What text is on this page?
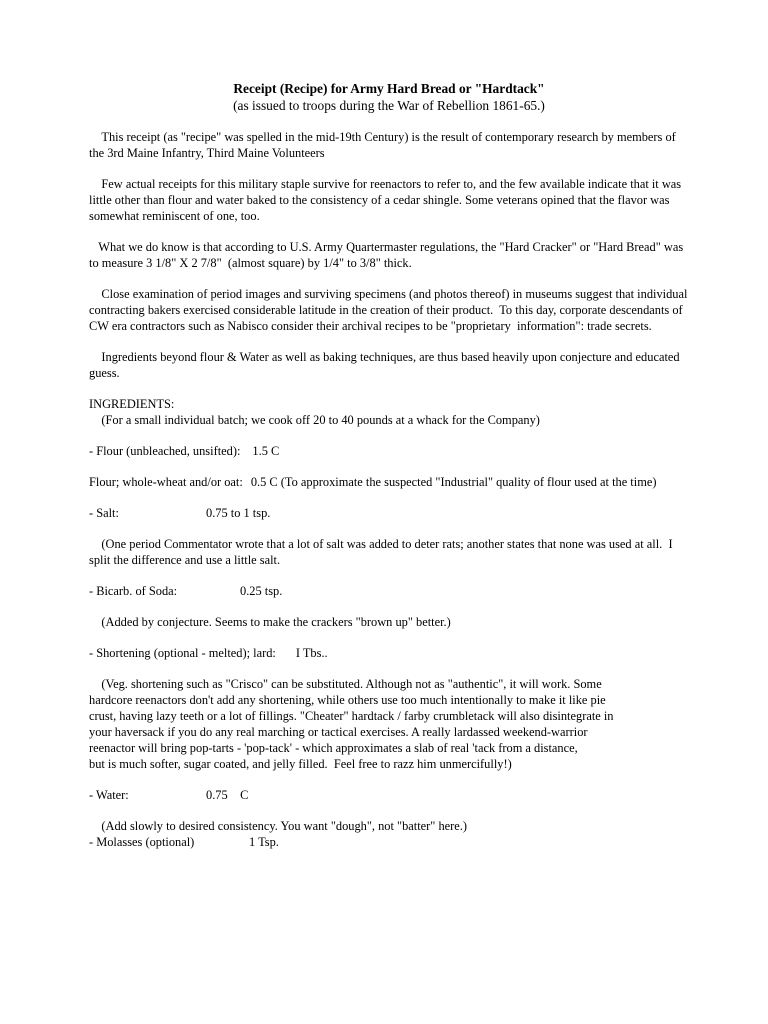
Receipt (Recipe) for Army Hard Bread or "Hardtack"
(as issued to troops during the War of Rebellion 1861-65.)

This receipt (as "recipe" was spelled in the mid-19th Century) is the result of contemporary research by members of the 3rd Maine Infantry, Third Maine Volunteers

Few actual receipts for this military staple survive for reenactors to refer to, and the few available indicate that it was little other than flour and water baked to the consistency of a cedar shingle. Some veterans opined that the flavor was somewhat reminiscent of one, too.

What we do know is that according to U.S. Army Quartermaster regulations, the "Hard Cracker" or "Hard Bread" was to measure 3 1/8" X 2 7/8"  (almost square) by 1/4" to 3/8" thick.

Close examination of period images and surviving specimens (and photos thereof) in museums suggest that individual contracting bakers exercised considerable latitude in the creation of their product.  To this day, corporate descendants of CW era contractors such as Nabisco consider their archival recipes to be "proprietary  information": trade secrets.

Ingredients beyond flour & Water as well as baking techniques, are thus based heavily upon conjecture and educated guess.

INGREDIENTS:

(For a small individual batch; we cook off 20 to 40 pounds at a whack for the Company)

- Flour (unbleached, unsifted): 1.5 C

Flour; whole-wheat and/or oat: 0.5 C (To approximate the suspected "Industrial" quality of flour used at the time)

- Salt:	0.75 to 1 tsp.

(One period Commentator wrote that a lot of salt was added to deter rats; another states that none was used at all.  I split the difference and use a little salt.

- Bicarb. of Soda:	0.25 tsp.

(Added by conjecture. Seems to make the crackers "brown up" better.)

- Shortening (optional - melted); lard: I Tbs..

(Veg. shortening such as "Crisco" can be substituted. Although not as "authentic", it will work. Some
hardcore reenactors don't add any shortening, while others use too much intentionally to make it like pie
crust, having lazy teeth or a lot of fillings. "Cheater" hardtack / farby crumbletack will also disintegrate in
your haversack if you do any real marching or tactical exercises. A really lardassed weekend-warrior
reenactor will bring pop-tarts - 'pop-tack' - which approximates a slab of real 'tack from a distance,
but is much softer, sugar coated, and jelly filled.  Feel free to razz him unmercifully!)

- Water:	0.75    C

(Add slowly to desired consistency. You want "dough", not "batter" here.)

- Molasses (optional)	1 Tsp.
